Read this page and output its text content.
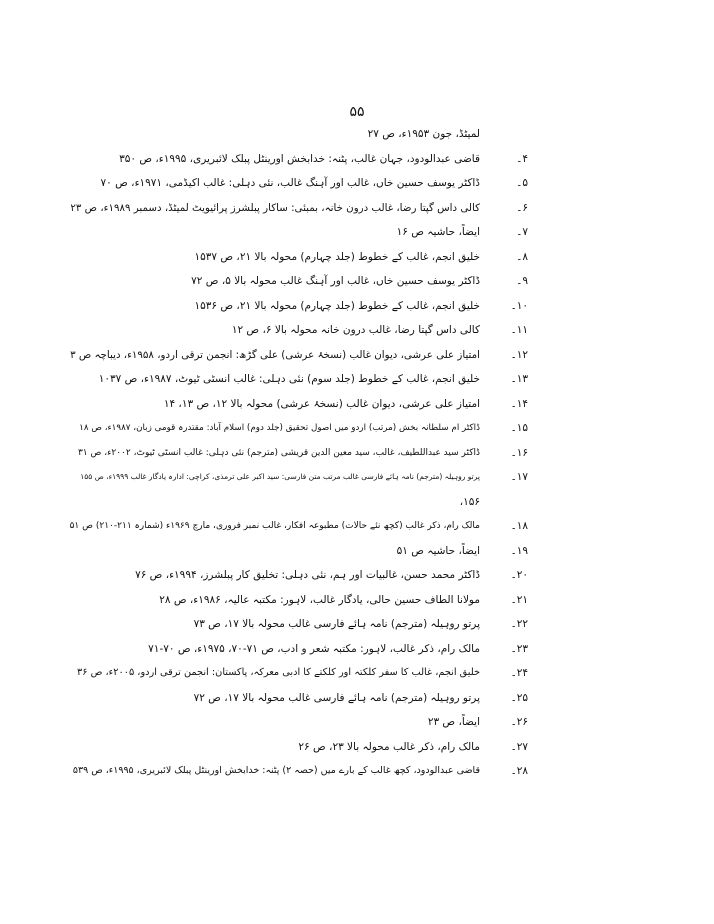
۵۵
لمیٹڈ، جون ۱۹۵۳ء، ص ۲۷
۴۔
قاضی عبدالودود، جہان غالب، پٹنہ: خدابخش اورینٹل پبلک لائبریری، ۱۹۹۵ء، ص ۳۵۰
۵۔
ڈاکٹر یوسف حسین خاں، غالب اور آہنگ غالب، نئی دہلی: غالب اکیڈمی، ۱۹۷۱ء، ص ۷۰
۶۔
کالی داس گپتا رضا، غالب درون خانہ، بمبئی: ساکار پبلشرز پرائیویٹ لمیٹڈ، دسمبر ۱۹۸۹ء، ص ۲۳
۷۔
ایضاً، حاشیہ ص ۱۶
۸۔
خلیق انجم، غالب کے خطوط (جلد چہارم) محولہ بالا ۲۱، ص ۱۵۳۷
۹۔
ڈاکٹر یوسف حسین خاں، غالب اور آہنگ غالب محولہ بالا ۵، ص ۷۲
۱۰۔
خلیق انجم، غالب کے خطوط (جلد چہارم) محولہ بالا ۲۱، ص ۱۵۳۶
۱۱۔
کالی داس گپتا رضا، غالب درون خانہ محولہ بالا ۶، ص ۱۲
۱۲۔
امتیاز علی عرشی، دیوان غالب (نسخۂ عرشی) علی گڑھ: انجمن ترقی اردو، ۱۹۵۸ء، دیباچہ ص ۳
۱۳۔
خلیق انجم، غالب کے خطوط (جلد سوم) نئی دہلی: غالب انسٹی ٹیوٹ، ۱۹۸۷ء، ص ۱۰۳۷
۱۴۔
امتیاز علی عرشی، دیوان غالب (نسخۂ عرشی) محولہ بالا ۱۲، ص ۱۳، ۱۴
۱۵۔
ڈاکٹر ام سلطانہ بخش (مرتب) اردو میں اصول تحقیق (جلد دوم) اسلام آباد: مقتدرہ قومی زبان، ۱۹۸۷ء، ص ۱۸
۱۶۔
ڈاکٹر سید عبداللطیف، غالب، سید معین الدین قریشی (مترجم) نئی دہلی: غالب انسٹی ٹیوٹ، ۲۰۰۲ء، ص ۳۱
۱۷۔
پرتو روہیلہ (مترجم) نامہ ہائے فارسی غالب مرتب متن فارسی: سید اکبر علی ترمذی، کراچی: ادارہ یادگار غالب ۱۹۹۹ء، ص ۱۵۵
۱۵۶،
۱۸۔
مالک رام، ذکر غالب (کچھ نئے حالات) مطبوعہ افکار، غالب نمبر فروری، مارچ ۱۹۶۹ء (شمارہ ۲۱۱-۲۱۰) ص ۵۱
۱۹۔
ایضاً، حاشیہ ص ۵۱
۲۰۔
ڈاکٹر محمد حسن، غالبیات اور ہم، نئی دہلی: تخلیق کار پبلشرز، ۱۹۹۴ء، ص ۷۶
۲۱۔
مولانا الطاف حسین حالی، یادگار غالب، لاہور: مکتبہ عالیہ، ۱۹۸۶ء، ص ۲۸
۲۲۔
پرتو روہیلہ (مترجم) نامہ ہائے فارسی غالب محولہ بالا ۱۷، ص ۷۳
۲۳۔
مالک رام، ذکر غالب، لاہور: مکتبہ شعر و ادب، ص ۷۱-۷۰، ۱۹۷۵ء، ص ۷۰-۷۱
۲۴۔
خلیق انجم، غالب کا سفر کلکتہ اور کلکتے کا ادبی معرکہ، پاکستان: انجمن ترقی اردو، ۲۰۰۵ء، ص ۳۶
۲۵۔
پرتو روہیلہ (مترجم) نامہ ہائے فارسی غالب محولہ بالا ۱۷، ص ۷۲
۲۶۔
ایضاً، ص ۲۳
۲۷۔
مالک رام، ذکر غالب محولہ بالا ۲۳، ص ۲۶
۲۸۔
قاضی عبدالودود، کچھ غالب کے بارے میں (حصہ ۲) پٹنہ: خدابخش اورینٹل پبلک لائبریری، ۱۹۹۵ء، ص ۵۳۹
